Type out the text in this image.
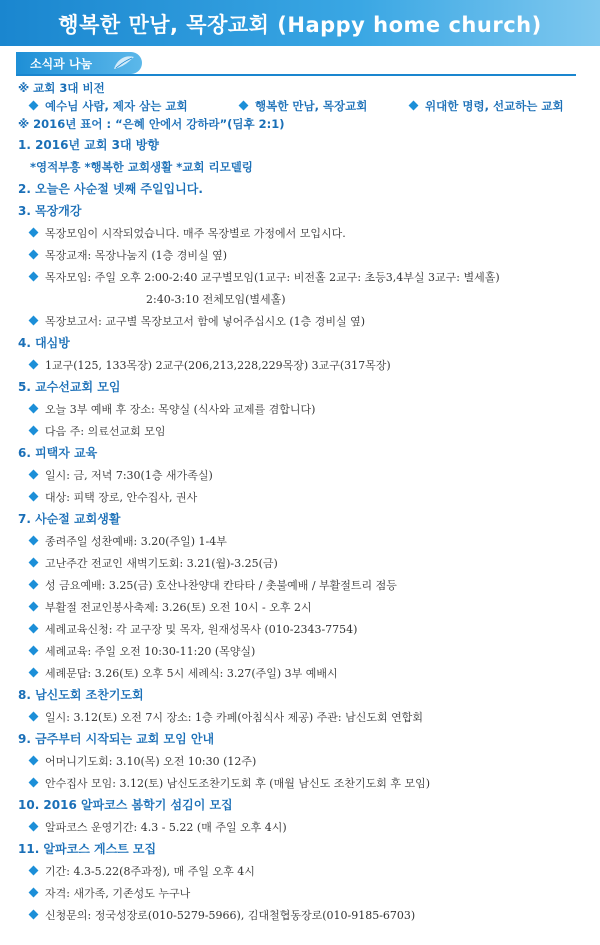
행복한 만남, 목장교회 (Happy home church)
소식과 나눔
※ 교회 3대 비전
예수님 사람, 제자 삼는 교회	행복한 만남, 목장교회	위대한 명령, 선교하는 교회
※ 2016년 표어 : “은혜 안에서 강하라”(딤후 2:1)
1. 2016년 교회 3대 방향
*영적부흥 *행복한 교회생활 *교회 리모델링
2. 오늘은 사순절 넷째 주일입니다.
3. 목장개강
목장모임이 시작되었습니다. 매주 목장별로 가정에서 모입시다.
목장교재: 목장나눔지 (1층 경비실 옆)
목자모임: 주일 오후 2:00-2:40 교구별모임(1교구: 비전홀 2교구: 초등3,4부실 3교구: 별세홀)
2:40-3:10 전체모임(별세홀)
목장보고서: 교구별 목장보고서 함에 넣어주십시오 (1층 경비실 옆)
4. 대심방
1교구(125, 133목장) 2교구(206,213,228,229목장) 3교구(317목장)
5. 교수선교회 모임
오늘 3부 예배 후 장소: 목양실 (식사와 교제를 겸합니다)
다음 주: 의료선교회 모임
6. 피택자 교육
일시: 금, 저녁 7:30(1층 새가족실)
대상: 피택 장로, 안수집사, 권사
7. 사순절 교회생활
종려주일 성찬예배: 3.20(주일) 1-4부
고난주간 전교인 새벽기도회: 3.21(월)-3.25(금)
성 금요예배: 3.25(금) 호산나찬양대 칸타타 / 촛불예배 / 부활절트리 점등
부활절 전교인봉사축제: 3.26(토) 오전 10시 - 오후 2시
세례교육신청: 각 교구장 및 목자, 원재성목사 (010-2343-7754)
세례교육: 주일 오전 10:30-11:20 (목양실)
세례문답: 3.26(토) 오후 5시 세례식: 3.27(주일) 3부 예배시
8. 남신도회 조찬기도회
일시: 3.12(토) 오전 7시 장소: 1층 카페(아침식사 제공) 주관: 남신도회 연합회
9. 금주부터 시작되는 교회 모임 안내
어머니기도회: 3.10(목) 오전 10:30 (12주)
안수집사 모임: 3.12(토) 남신도조찬기도회 후 (매월 남신도 조찬기도회 후 모임)
10. 2016 알파코스 봄학기 섬김이 모집
알파코스 운영기간: 4.3 - 5.22 (매 주일 오후 4시)
11. 알파코스 게스트 모집
기간: 4.3-5.22(8주과정), 매 주일 오후 4시
자격: 새가족, 기존성도 누구나
신청문의: 정국성장로(010-5279-5966), 김대철협동장로(010-9185-6703)
